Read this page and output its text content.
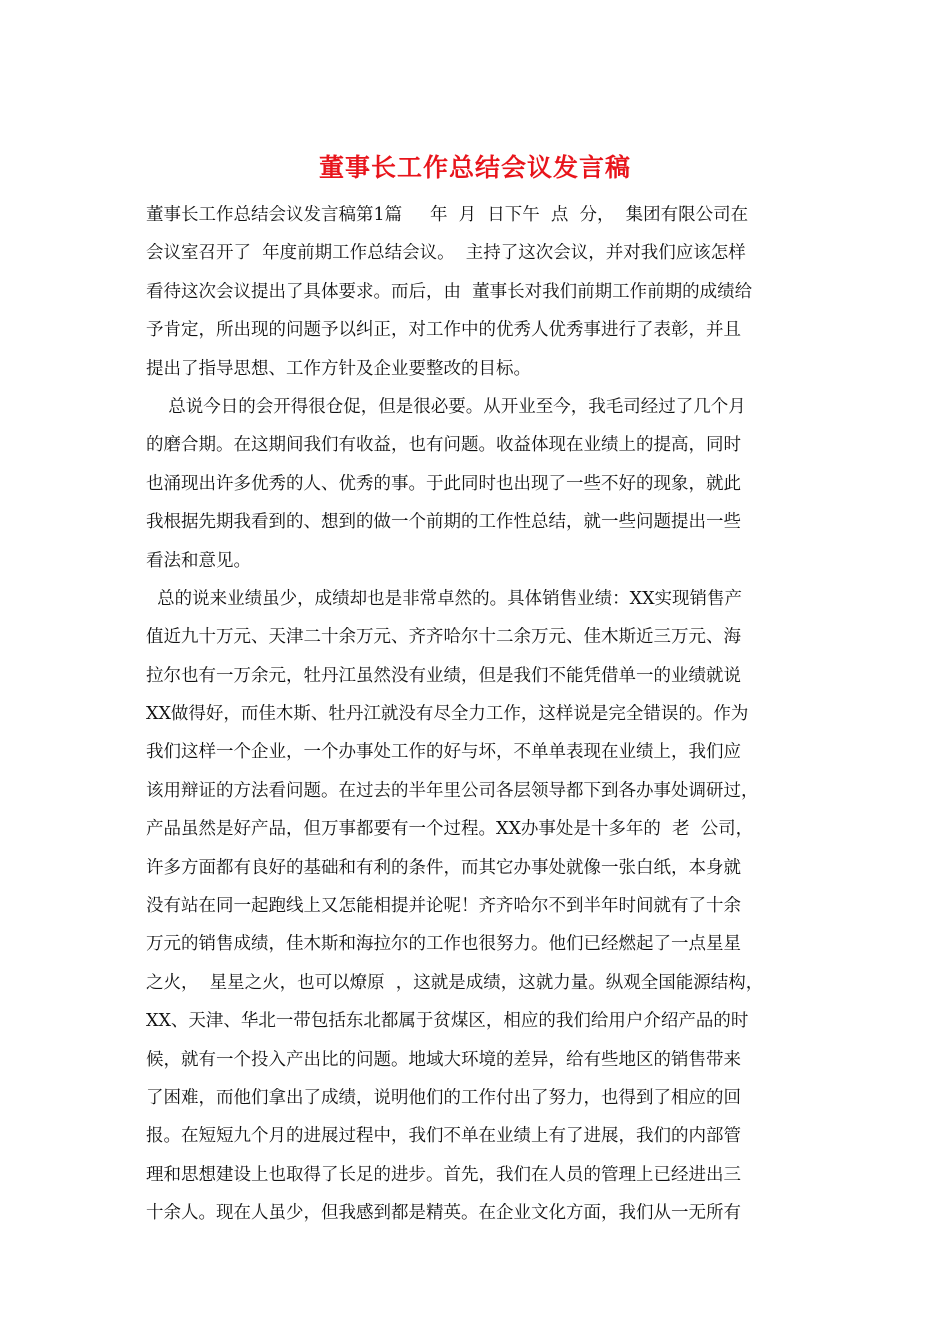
董事长工作总结会议发言稿
董事长工作总结会议发言稿第1篇     年  月  日下午  点  分，  集团有限公司在
会议室召开了  年度前期工作总结会议。  主持了这次会议，并对我们应该怎样
看待这次会议提出了具体要求。而后，由  董事长对我们前期工作前期的成绩给
予肯定，所出现的问题予以纠正，对工作中的优秀人优秀事进行了表彰，并且
提出了指导思想、工作方针及企业要整改的目标。
总说今日的会开得很仓促，但是很必要。从开业至今，我毛司经过了几个月
的磨合期。在这期间我们有收益，也有问题。收益体现在业绩上的提高，同时
也涌现出许多优秀的人、优秀的事。于此同时也出现了一些不好的现象，就此
我根据先期我看到的、想到的做一个前期的工作性总结，就一些问题提出一些
看法和意见。
总的说来业绩虽少，成绩却也是非常卓然的。具体销售业绩：XX实现销售产
值近九十万元、天津二十余万元、齐齐哈尔十二余万元、佳木斯近三万元、海
拉尔也有一万余元，牡丹江虽然没有业绩，但是我们不能凭借单一的业绩就说
XX做得好，而佳木斯、牡丹江就没有尽全力工作，这样说是完全错误的。作为
我们这样一个企业，一个办事处工作的好与坏，不单单表现在业绩上，我们应
该用辩证的方法看问题。在过去的半年里公司各层领导都下到各办事处调研过，
产品虽然是好产品，但万事都要有一个过程。XX办事处是十多年的  老  公司，
许多方面都有良好的基础和有利的条件，而其它办事处就像一张白纸，本身就
没有站在同一起跑线上又怎能相提并论呢！齐齐哈尔不到半年时间就有了十余
万元的销售成绩，佳木斯和海拉尔的工作也很努力。他们已经燃起了一点星星
之火，  星星之火，也可以燎原  ，这就是成绩，这就力量。纵观全国能源结构，
XX、天津、华北一带包括东北都属于贫煤区，相应的我们给用户介绍产品的时
候，就有一个投入产出比的问题。地域大环境的差异，给有些地区的销售带来
了困难，而他们拿出了成绩，说明他们的工作付出了努力，也得到了相应的回
报。在短短九个月的进展过程中，我们不单在业绩上有了进展，我们的内部管
理和思想建设上也取得了长足的进步。首先，我们在人员的管理上已经进出三
十余人。现在人虽少，但我感到都是精英。在企业文化方面，我们从一无所有
